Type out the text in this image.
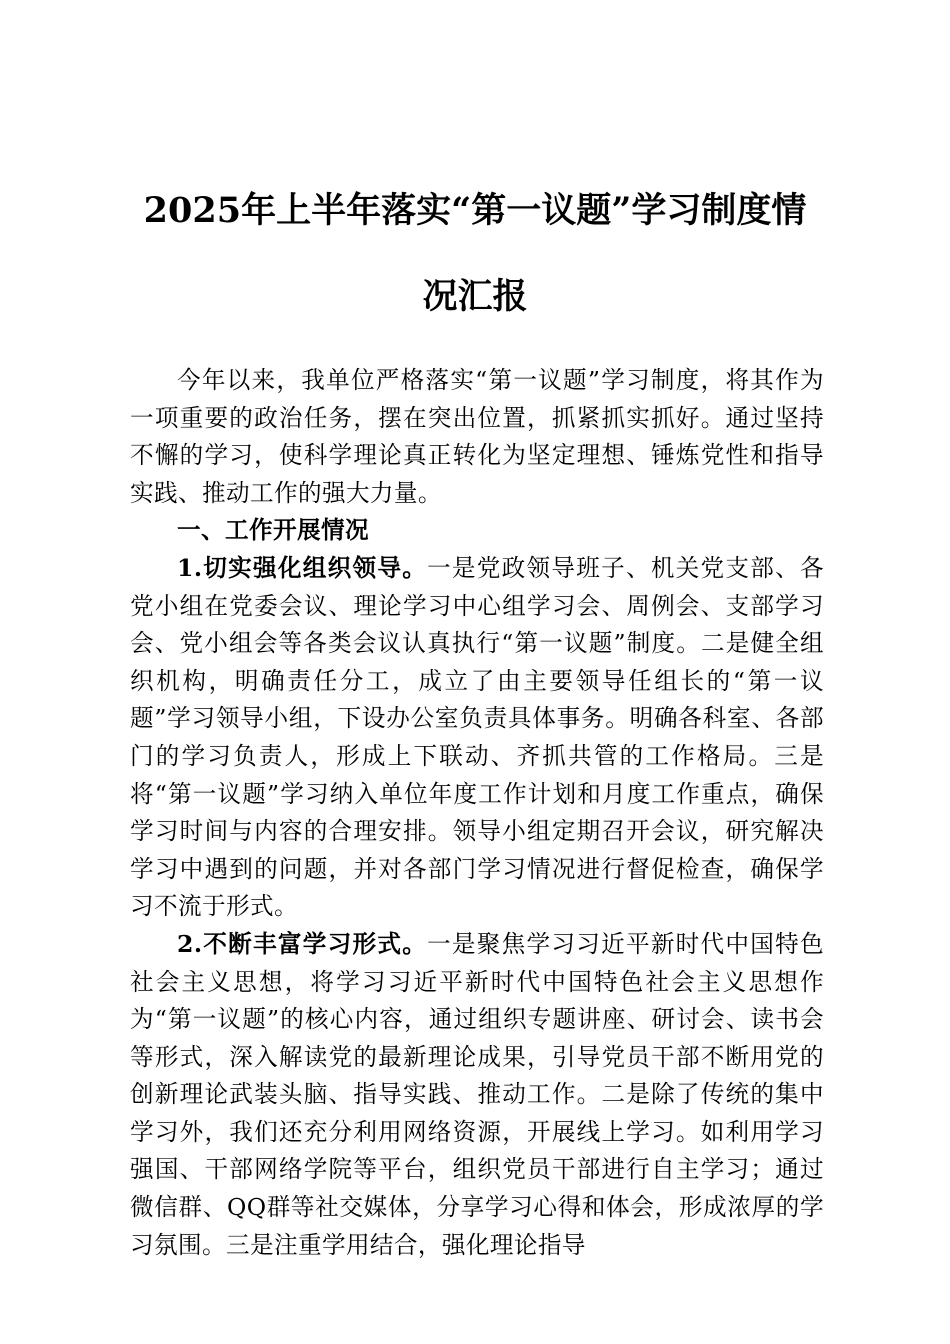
2025年上半年落实“第一议题”学习制度情
况汇报

今年以来，我单位严格落实“第一议题”学习制度，将其作为一项重要的政治任务，摆在突出位置，抓紧抓实抓好。通过坚持不懈的学习，使科学理论真正转化为坚定理想、锤炼党性和指导实践、推动工作的强大力量。

一、工作开展情况

1.切实强化组织领导。一是党政领导班子、机关党支部、各党小组在党委会议、理论学习中心组学习会、周例会、支部学习会、党小组会等各类会议认真执行“第一议题”制度。二是健全组织机构，明确责任分工，成立了由主要领导任组长的“第一议题”学习领导小组，下设办公室负责具体事务。明确各科室、各部门的学习负责人，形成上下联动、齐抓共管的工作格局。三是将“第一议题”学习纳入单位年度工作计划和月度工作重点，确保学习时间与内容的合理安排。领导小组定期召开会议，研究解决学习中遇到的问题，并对各部门学习情况进行督促检查，确保学习不流于形式。

2.不断丰富学习形式。一是聚焦学习习近平新时代中国特色社会主义思想，将学习习近平新时代中国特色社会主义思想作为“第一议题”的核心内容，通过组织专题讲座、研讨会、读书会等形式，深入解读党的最新理论成果，引导党员干部不断用党的创新理论武装头脑、指导实践、推动工作。二是除了传统的集中学习外，我们还充分利用网络资源，开展线上学习。如利用学习强国、干部网络学院等平台，组织党员干部进行自主学习；通过微信群、QQ群等社交媒体，分享学习心得和体会，形成浓厚的学习氛围。三是注重学用结合，强化理论指导
